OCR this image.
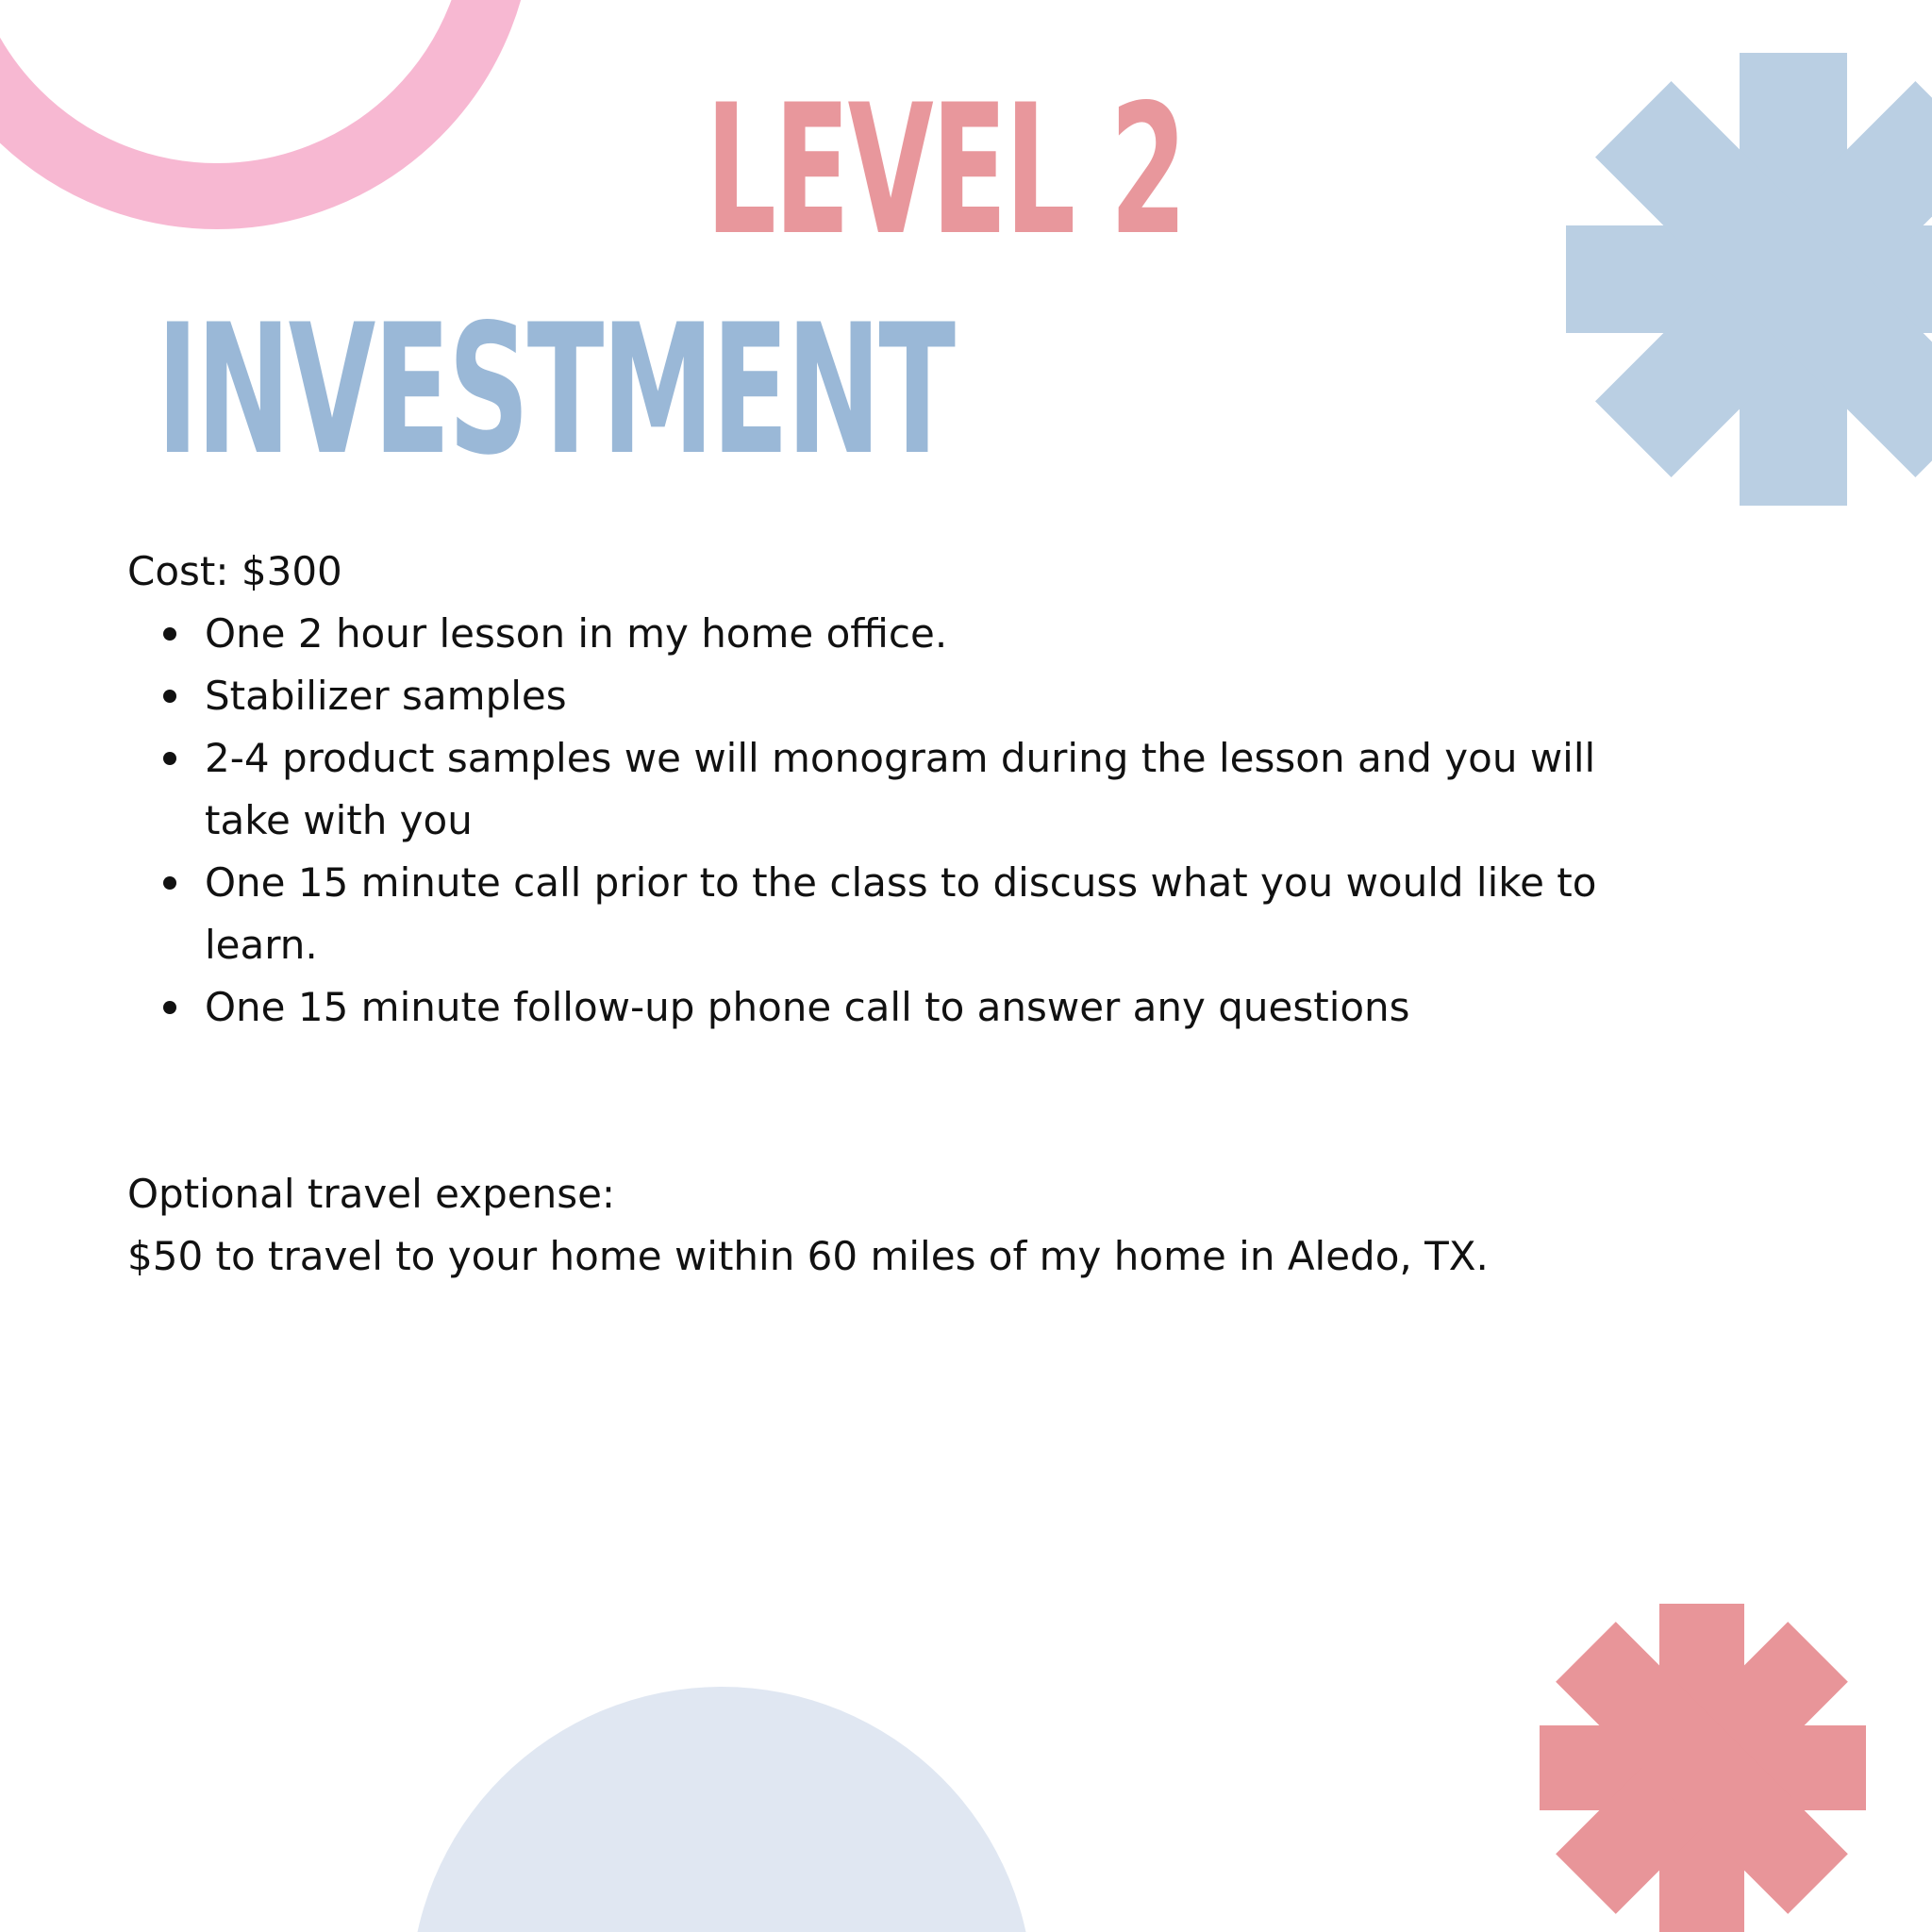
LEVEL 2
INVESTMENT

Cost: $300

One 2 hour lesson in my home office.
Stabilizer samples
2-4 product samples we will monogram during the lesson and you will take with you
One 15 minute call prior to the class to discuss what you would like to learn.
One 15 minute follow-up phone call to answer any questions

Optional travel expense:

$50 to travel to your home within 60 miles of my home in Aledo, TX.
